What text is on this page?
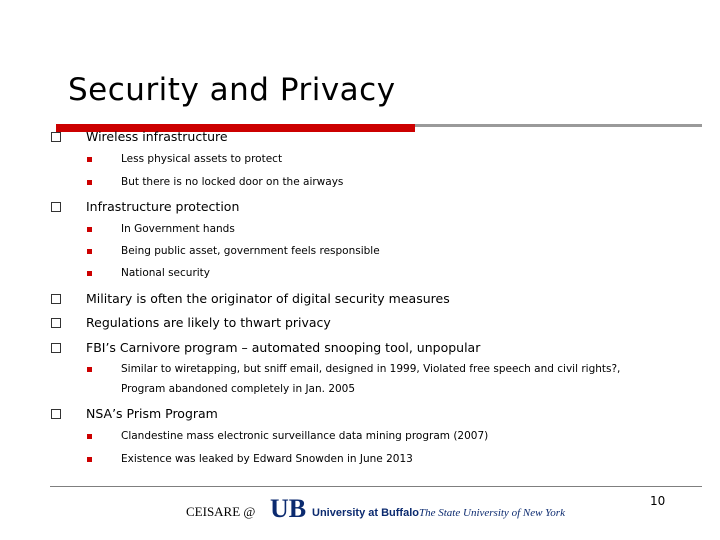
Security and Privacy
Wireless infrastructure
Less physical assets to protect
But there is no locked door on the airways
Infrastructure protection
In Government hands
Being public asset, government feels responsible
National security
Military is often the originator of digital security measures
Regulations are likely to thwart privacy
FBI’s Carnivore program – automated snooping tool, unpopular
Similar to wiretapping, but sniff email, designed in 1999, Violated free speech and civil rights?,
Program abandoned completely in Jan. 2005
NSA’s Prism Program
Clandestine mass electronic surveillance data mining program (2007)
Existence was leaked by Edward Snowden in June 2013
CEISARE @ UB University at Buffalo The State University of New York
10
